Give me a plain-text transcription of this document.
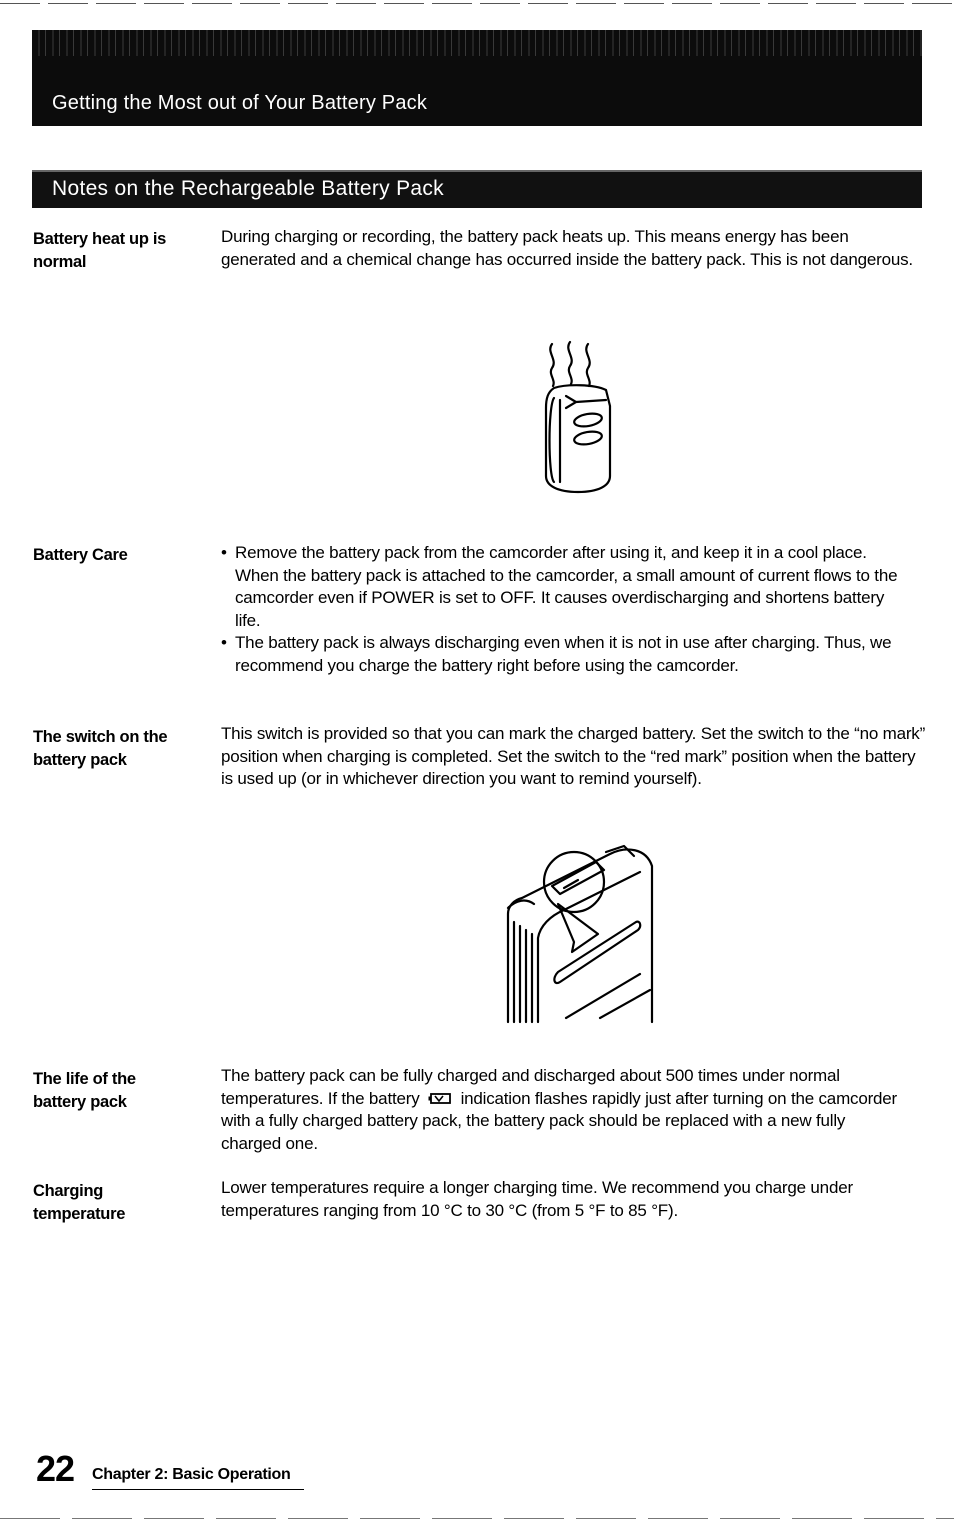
Getting the Most out of Your Battery Pack
Notes on the Rechargeable Battery Pack
Battery heat up is normal
During charging or recording, the battery pack heats up. This means energy has been generated and a chemical change has occurred inside the battery pack. This is not dangerous.
Battery Care
•	Remove the battery pack from the camcorder after using it, and keep it in a cool place. When the battery pack is attached to the camcorder, a small amount of current flows to the camcorder even if POWER is set to OFF. It causes overdischarging and shortens battery life.
• The battery pack is always discharging even when it is not in use after charging. Thus, we recommend you charge the battery right before using the camcorder.
The switch on the battery pack
This switch is provided so that you can mark the charged battery. Set the switch to the “no mark” position when charging is completed. Set the switch to the “red mark” position when the battery is used up (or in whichever direction you want to remind yourself).
The life of the battery pack
The battery pack can be fully charged and discharged about 500 times under normal temperatures. If the battery indication flashes rapidly just after turning on the camcorder with a fully charged battery pack, the battery pack should be replaced with a new fully charged one.
Charging temperature
Lower temperatures require a longer charging time. We recommend you charge under temperatures ranging from 10 °C to 30 °C (from 5 °F to 85 °F).
22 Chapter 2: Basic Operation
